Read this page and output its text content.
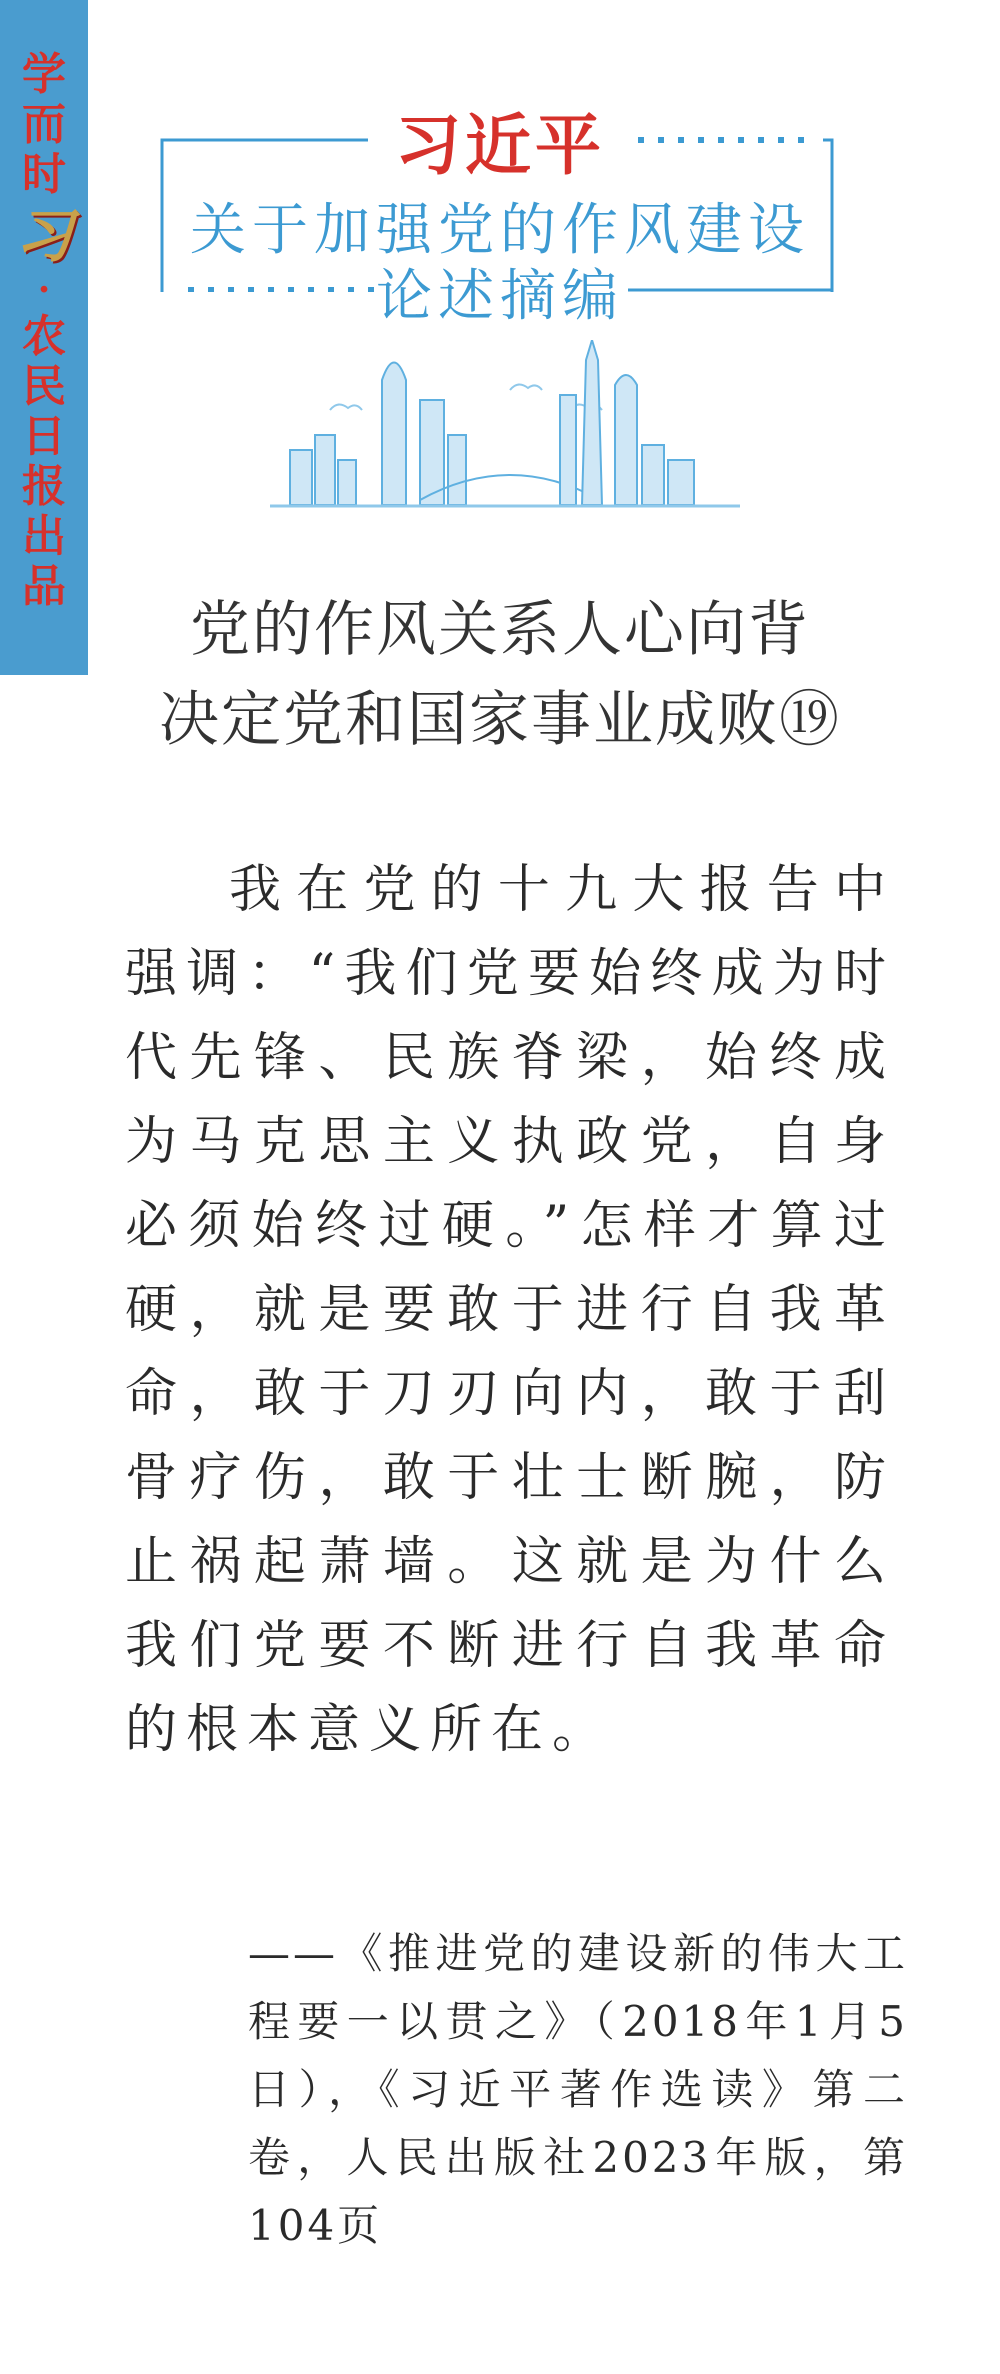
学
而
时
习
·
农
民
日
报
出
品
习近平
关于加强党的作风建设
论述摘编
党的作风关系人心向背
决定党和国家事业成败⑲

我在党的十九大报告中强调：“我们党要始终成为时代先锋、民族脊梁，始终成为马克思主义执政党，自身必须始终过硬。”怎样才算过硬，就是要敢于进行自我革命，敢于刀刃向内，敢于刮骨疗伤，敢于壮士断腕，防止祸起萧墙。这就是为什么我们党要不断进行自我革命的根本意义所在。

——《推进党的建设新的伟大工程要一以贯之》（2018年1月5日），《习近平著作选读》第二卷，人民出版社2023年版，第104页
